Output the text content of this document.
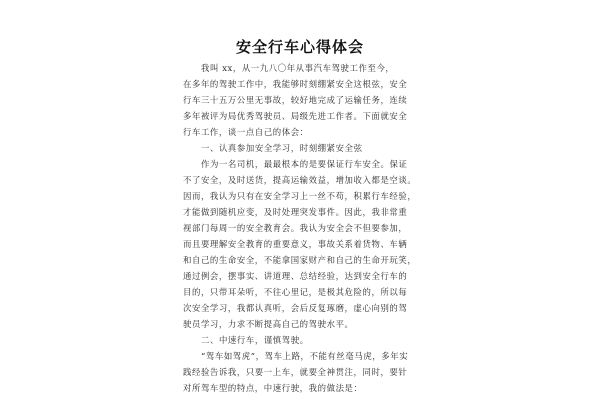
安全行车心得体会
我叫 xx，从一九八〇年从事汽车驾驶工作至今，
在多年的驾驶工作中，我能够时刻绷紧安全这根弦，安全
行车三十五万公里无事故，较好地完成了运输任务，连续
多年被评为局优秀驾驶员、局级先进工作者。下面就安全
行车工作，谈一点自己的体会：
一、认真参加安全学习，时刻绷紧安全弦
作为一名司机，最最根本的是要保证行车安全。保证
不了安全，及时送货，提高运输效益，增加收入都是空谈。
因而，我认为只有在安全学习上一丝不苟，积累行车经验，
才能做到随机应变，及时处理突发事件。因此，我非常重
视部门每周一的安全教育会。我认为安全会不但要参加，
而且要理解安全教育的重要意义，事故关系着货物、车辆
和自己的生命安全，不能拿国家财产和自己的生命开玩笑，
通过例会，摆事实、讲道理、总结经验，达到安全行车的
目的，只带耳朵听，不往心里记，是极其危险的，所以每
次安全学习，我都认真听，会后反复琢磨，虚心向别的驾
驶员学习，力求不断提高自己的驾驶水平。
二、中速行车，谨慎驾驶。
“驾车如驾虎”，驾车上路，不能有丝毫马虎，多年实
践经验告诉我，只要一上车，就要全神贯注，同时，要针
对所驾车型的特点，中速行驶，我的做法是：
